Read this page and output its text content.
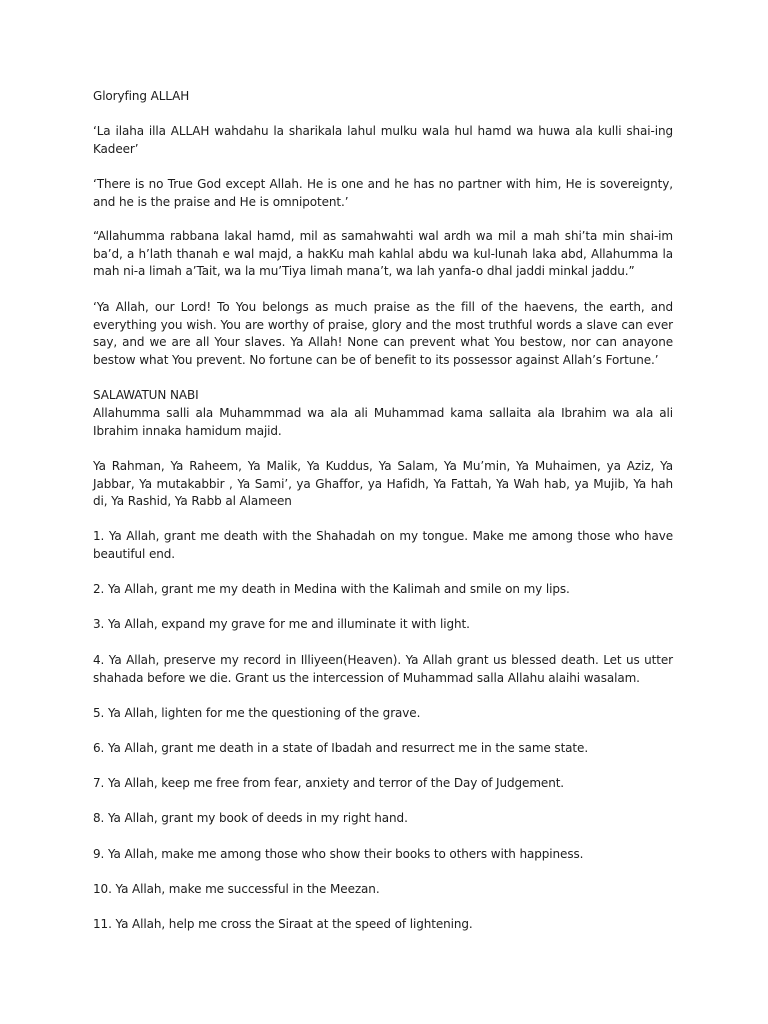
Gloryfing ALLAH

‘La ilaha illa ALLAH wahdahu la sharikala lahul mulku wala hul hamd wa huwa ala kulli shai-ing Kadeer’

‘There is no True God except Allah. He is one and he has no partner with him, He is sovereignty, and he is the praise and He is omnipotent.’

“Allahumma rabbana lakal hamd, mil as samahwahti wal ardh wa mil a mah shi’ta min shai-im ba’d, a h’lath thanah e wal majd, a hakKu mah kahlal abdu wa kul-lunah laka abd, Allahumma la mah ni-a limah a’Tait, wa la mu’Tiya limah mana’t, wa lah yanfa-o dhal jaddi minkal jaddu.”

‘Ya Allah, our Lord! To You belongs as much praise as the fill of the haevens, the earth, and everything you wish. You are worthy of praise, glory and the most truthful words a slave can ever say, and we are all Your slaves. Ya Allah! None can prevent what You bestow, nor can anayone bestow what You prevent. No fortune can be of benefit to its possessor against Allah’s Fortune.’

SALAWATUN NABI

Allahumma salli ala Muhammmad wa ala ali Muhammad kama sallaita ala Ibrahim wa ala ali Ibrahim innaka hamidum majid.

Ya Rahman, Ya Raheem, Ya Malik, Ya Kuddus, Ya Salam, Ya Mu’min, Ya Muhaimen, ya Aziz, Ya Jabbar, Ya mutakabbir , Ya Sami’, ya Ghaffor, ya Hafidh, Ya Fattah, Ya Wah hab, ya Mujib, Ya hah di, Ya Rashid, Ya Rabb al Alameen

1. Ya Allah, grant me death with the Shahadah on my tongue. Make me among those who have beautiful end.

2. Ya Allah, grant me my death in Medina with the Kalimah and smile on my lips.

3. Ya Allah, expand my grave for me and illuminate it with light.

4. Ya Allah, preserve my record in Illiyeen(Heaven). Ya Allah grant us blessed death. Let us utter shahada before we die. Grant us the intercession of Muhammad salla Allahu alaihi wasalam.

5. Ya Allah, lighten for me the questioning of the grave.

6. Ya Allah, grant me death in a state of Ibadah and resurrect me in the same state.

7. Ya Allah, keep me free from fear, anxiety and terror of the Day of Judgement.

8. Ya Allah, grant my book of deeds in my right hand.

9. Ya Allah, make me among those who show their books to others with happiness.

10. Ya Allah, make me successful in the Meezan.

11. Ya Allah, help me cross the Siraat at the speed of lightening.
